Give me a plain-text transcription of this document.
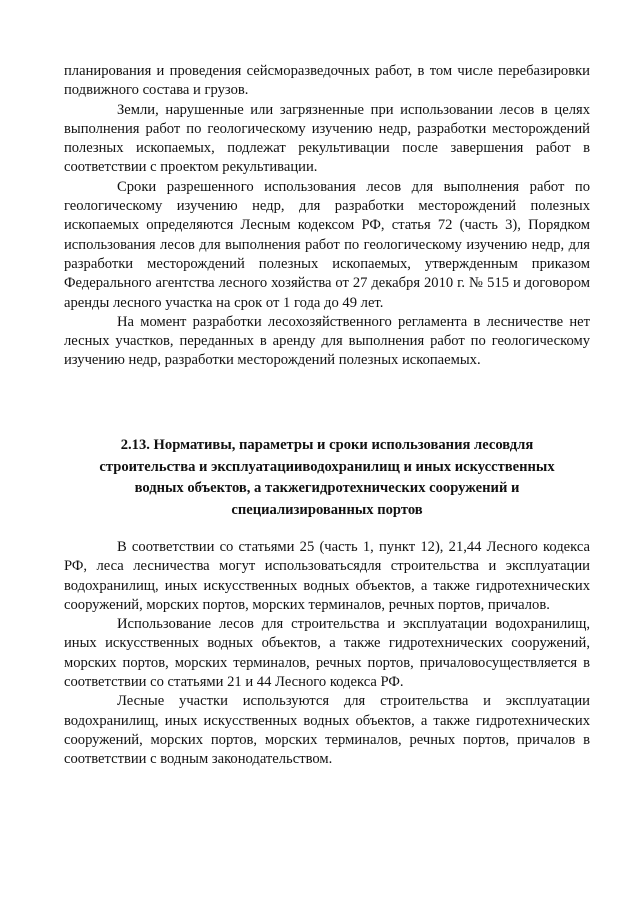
планирования и проведения сейсморазведочных работ, в том числе перебазировки подвижного состава и грузов.

Земли, нарушенные или загрязненные при использовании лесов в целях выполнения работ по геологическому изучению недр, разработки месторождений полезных ископаемых, подлежат рекультивации после завершения работ в соответствии с проектом рекультивации.

Сроки разрешенного использования лесов для выполнения работ по геологическому изучению недр, для разработки месторождений полезных ископаемых определяются Лесным кодексом РФ, статья 72 (часть 3), Порядком использования лесов для выполнения работ по геологическому изучению недр, для разработки месторождений полезных ископаемых, утвержденным приказом Федерального агентства лесного хозяйства от 27 декабря 2010 г. № 515 и договором аренды лесного участка на срок от 1 года до 49 лет.

На момент разработки лесохозяйственного регламента в лесничестве нет лесных участков, переданных в аренду для выполнения работ по геологическому изучению недр, разработки месторождений полезных ископаемых.

2.13. Нормативы, параметры и сроки использования лесовдля строительства и эксплуатацииводохранилищ и иных искусственных водных объектов, а такжегидротехнических сооружений и специализированных портов

В соответствии со статьями 25 (часть 1, пункт 12), 21,44 Лесного кодекса РФ, леса лесничества могут использоватьсядля строительства и эксплуатации водохранилищ, иных искусственных водных объектов, а также гидротехнических сооружений, морских портов, морских терминалов, речных портов, причалов.

Использование лесов для строительства и эксплуатации водохранилищ, иных искусственных водных объектов, а также гидротехнических сооружений, морских портов, морских терминалов, речных портов, причаловосуществляется в соответствии со статьями 21 и 44 Лесного кодекса РФ.

Лесные участки используются для строительства и эксплуатации водохранилищ, иных искусственных водных объектов, а также гидротехнических сооружений, морских портов, морских терминалов, речных портов, причалов в соответствии с водным законодательством.
